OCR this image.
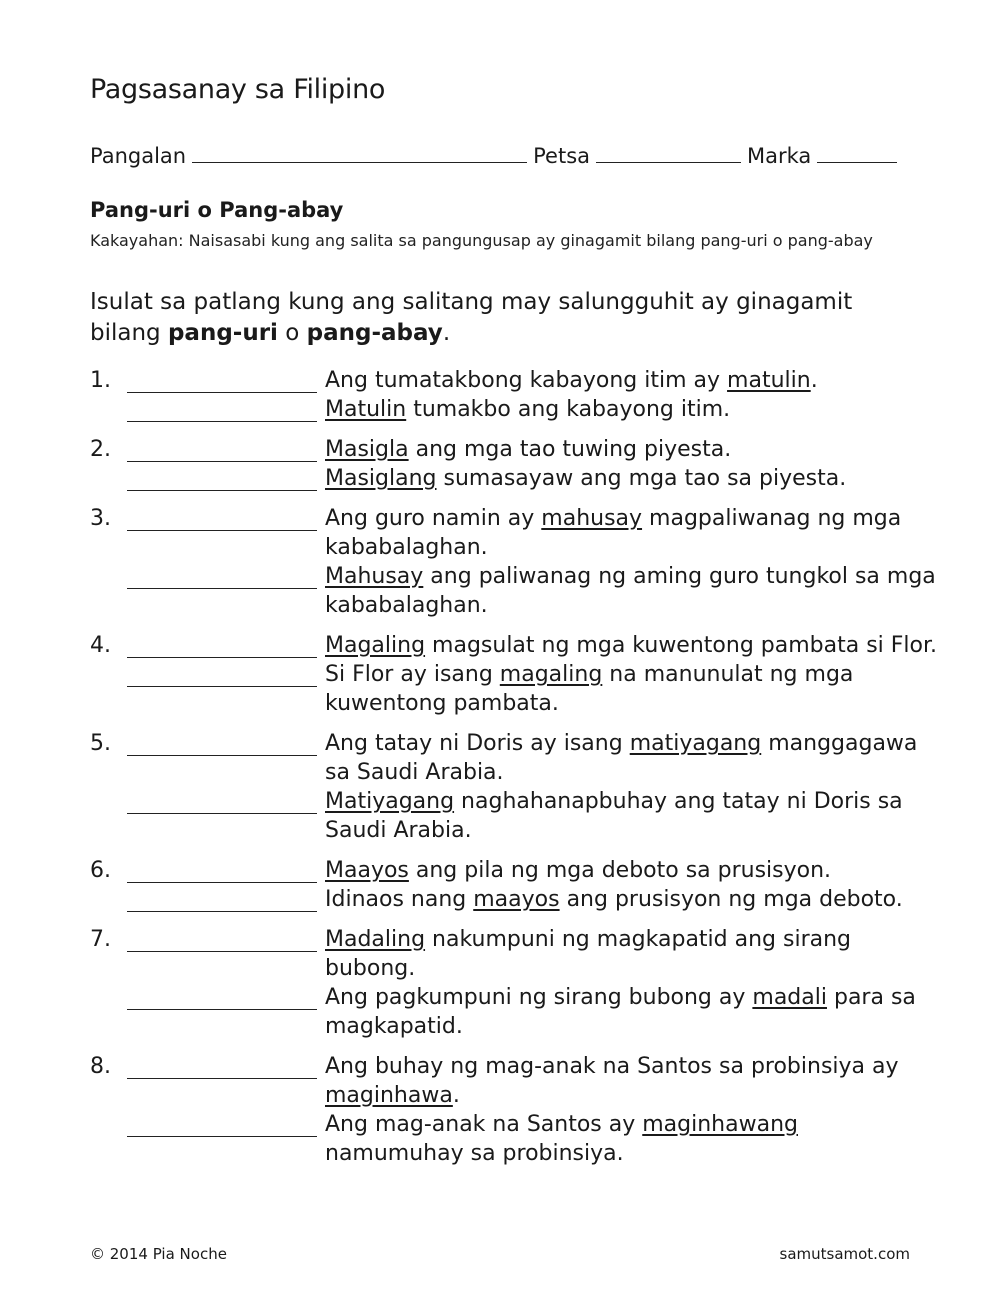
Pagsasanay sa Filipino
Pangalan	Petsa	Marka
Pang-uri o Pang-abay
Kakayahan: Naisasabi kung ang salita sa pangungusap ay ginagamit bilang pang-uri o pang-abay
Isulat sa patlang kung ang salitang may salungguhit ay ginagamit bilang pang-uri o pang-abay.
1.	Ang tumatakbong kabayong itim ay matulin.
Matulin tumakbo ang kabayong itim.
2.	Masigla ang mga tao tuwing piyesta.
Masiglang sumasayaw ang mga tao sa piyesta.
3.	Ang guro namin ay mahusay magpaliwanag ng mga kababalaghan.
Mahusay ang paliwanag ng aming guro tungkol sa mga kababalaghan.
4.	Magaling magsulat ng mga kuwentong pambata si Flor.
Si Flor ay isang magaling na manunulat ng mga kuwentong pambata.
5.	Ang tatay ni Doris ay isang matiyagang manggagawa sa Saudi Arabia.
Matiyagang naghahanapbuhay ang tatay ni Doris sa Saudi Arabia.
6.	Maayos ang pila ng mga deboto sa prusisyon.
Idinaos nang maayos ang prusisyon ng mga deboto.
7.	Madaling nakumpuni ng magkapatid ang sirang bubong.
Ang pagkumpuni ng sirang bubong ay madali para sa magkapatid.
8.	Ang buhay ng mag-anak na Santos sa probinsiya ay maginhawa.
Ang mag-anak na Santos ay maginhawang namumuhay sa probinsiya.
© 2014 Pia Noche	samutsamot.com
